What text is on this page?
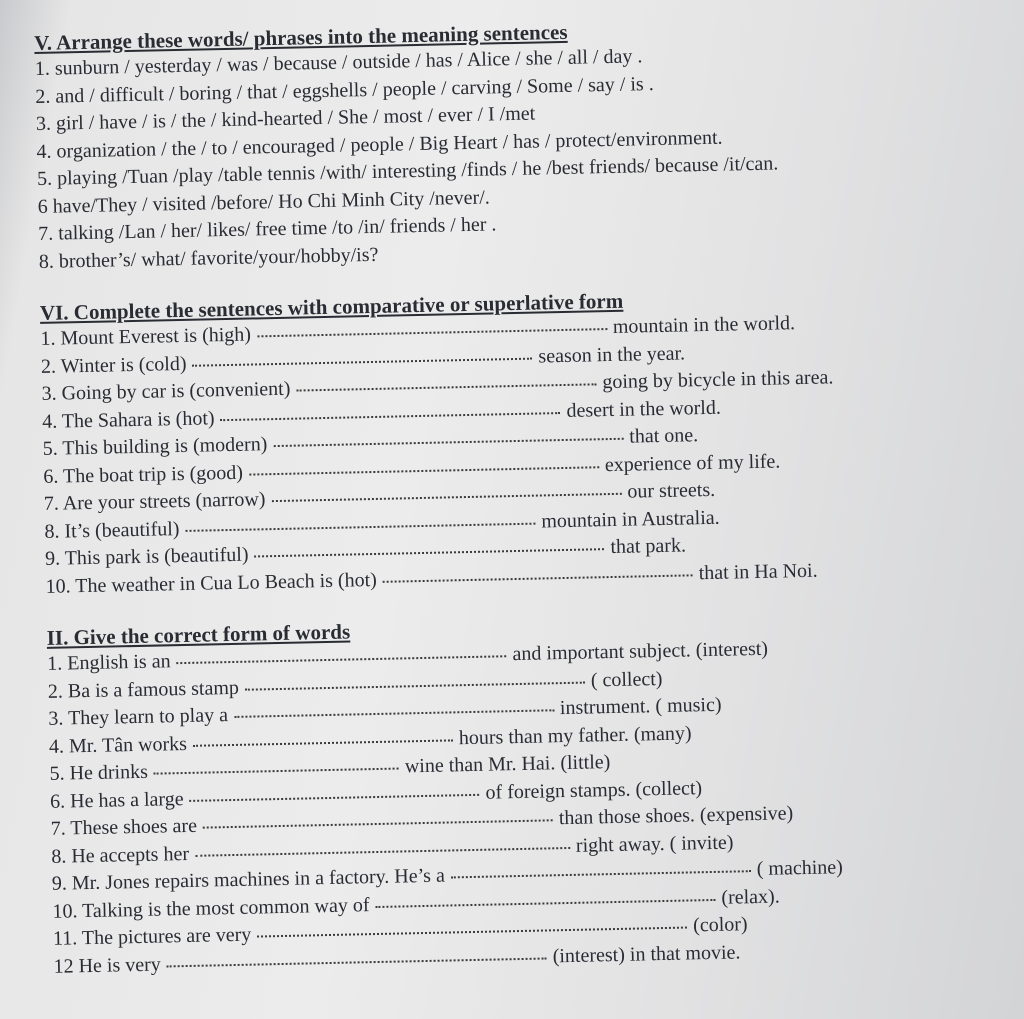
V. Arrange these words/ phrases into the meaning sentences
1. sunburn / yesterday / was / because / outside / has / Alice / she / all / day .
2. and / difficult / boring / that / eggshells / people / carving / Some / say / is .
3. girl / have / is / the / kind-hearted / She / most / ever / I /met
4. organization / the / to / encouraged / people / Big Heart / has / protect/environment.
5. playing /Tuan /play /table tennis /with/ interesting /finds / he /best friends/ because /it/can.
6 have/They / visited /before/ Ho Chi Minh City /never/.
7. talking /Lan / her/ likes/ free time /to /in/ friends / her .
8. brother’s/ what/ favorite/your/hobby/is?
VI. Complete the sentences with comparative or superlative form
1. Mount Everest is (high)	mountain in the world.
2. Winter is (cold)	season in the year.
3. Going by car is (convenient)	going by bicycle in this area.
4. The Sahara is (hot)	desert in the world.
5. This building is (modern)	that one.
6. The boat trip is (good)	experience of my life.
7. Are your streets (narrow)	our streets.
8. It’s (beautiful)	mountain in Australia.
9. This park is (beautiful)	that park.
10. The weather in Cua Lo Beach is (hot)	that in Ha Noi.
II. Give the correct form of words
1. English is an	and important subject. (interest)
2. Ba is a famous stamp	( collect)
3. They learn to play a	instrument. ( music)
4. Mr. Tân works	hours than my father. (many)
5. He drinks	wine than Mr. Hai. (little)
6. He has a large	of foreign stamps. (collect)
7. These shoes are	than those shoes. (expensive)
8. He accepts her	right away. ( invite)
9. Mr. Jones repairs machines in a factory. He’s a	( machine)
10. Talking is the most common way of	(relax).
11. The pictures are very	(color)
12 He is very	(interest) in that movie.
